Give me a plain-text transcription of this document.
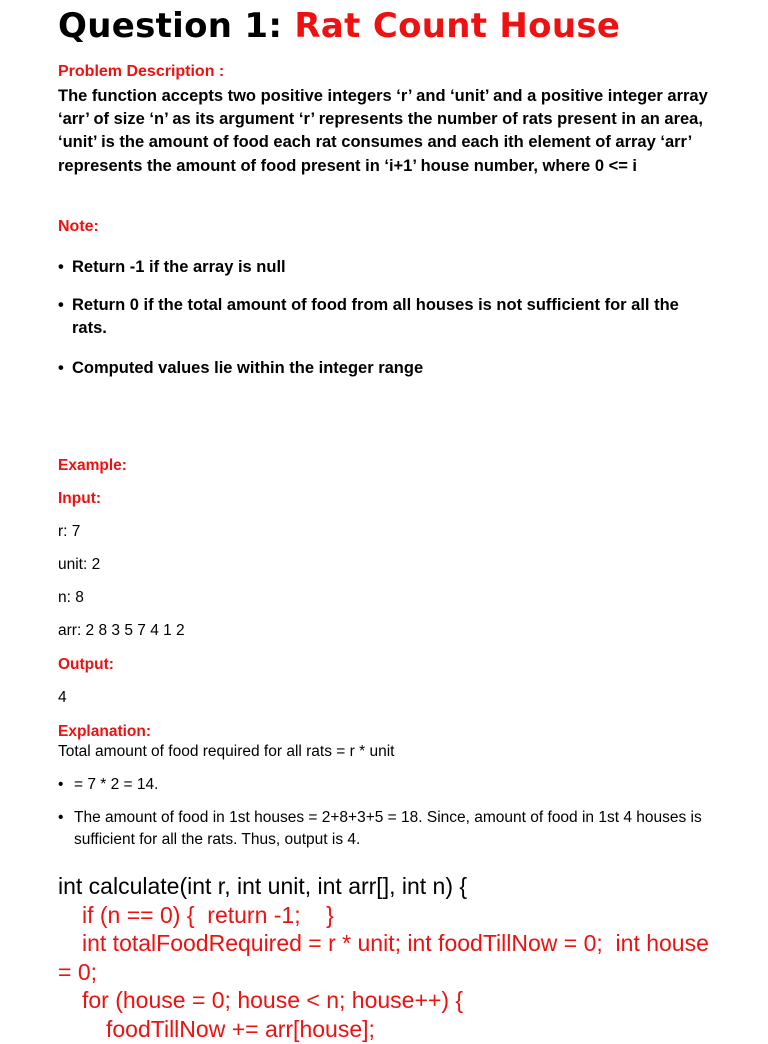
Question 1: Rat Count House
Problem Description :

The function accepts two positive integers ‘r’ and ‘unit’ and a positive integer array ‘arr’ of size ‘n’ as its argument ‘r’ represents the number of rats present in an area, ‘unit’ is the amount of food each rat consumes and each ith element of array ‘arr’ represents the amount of food present in ‘i+1’ house number, where 0 <= i

Note:
• Return -1 if the array is null
• Return 0 if the total amount of food from all houses is not sufficient for all the rats.
• Computed values lie within the integer range
Example:
Input:
r: 7
unit: 2
n: 8
arr: 2 8 3 5 7 4 1 2
Output:
4
Explanation:
Total amount of food required for all rats = r * unit
• = 7 * 2 = 14.
• The amount of food in 1st houses = 2+8+3+5 = 18. Since, amount of food in 1st 4 houses is sufficient for all the rats. Thus, output is 4.
int calculate(int r, int unit, int arr[], int n) {
if (n == 0) {  return -1;    }
int totalFoodRequired = r * unit; int foodTillNow = 0;  int house = 0;
for (house = 0; house < n; house++) {
foodTillNow += arr[house];
